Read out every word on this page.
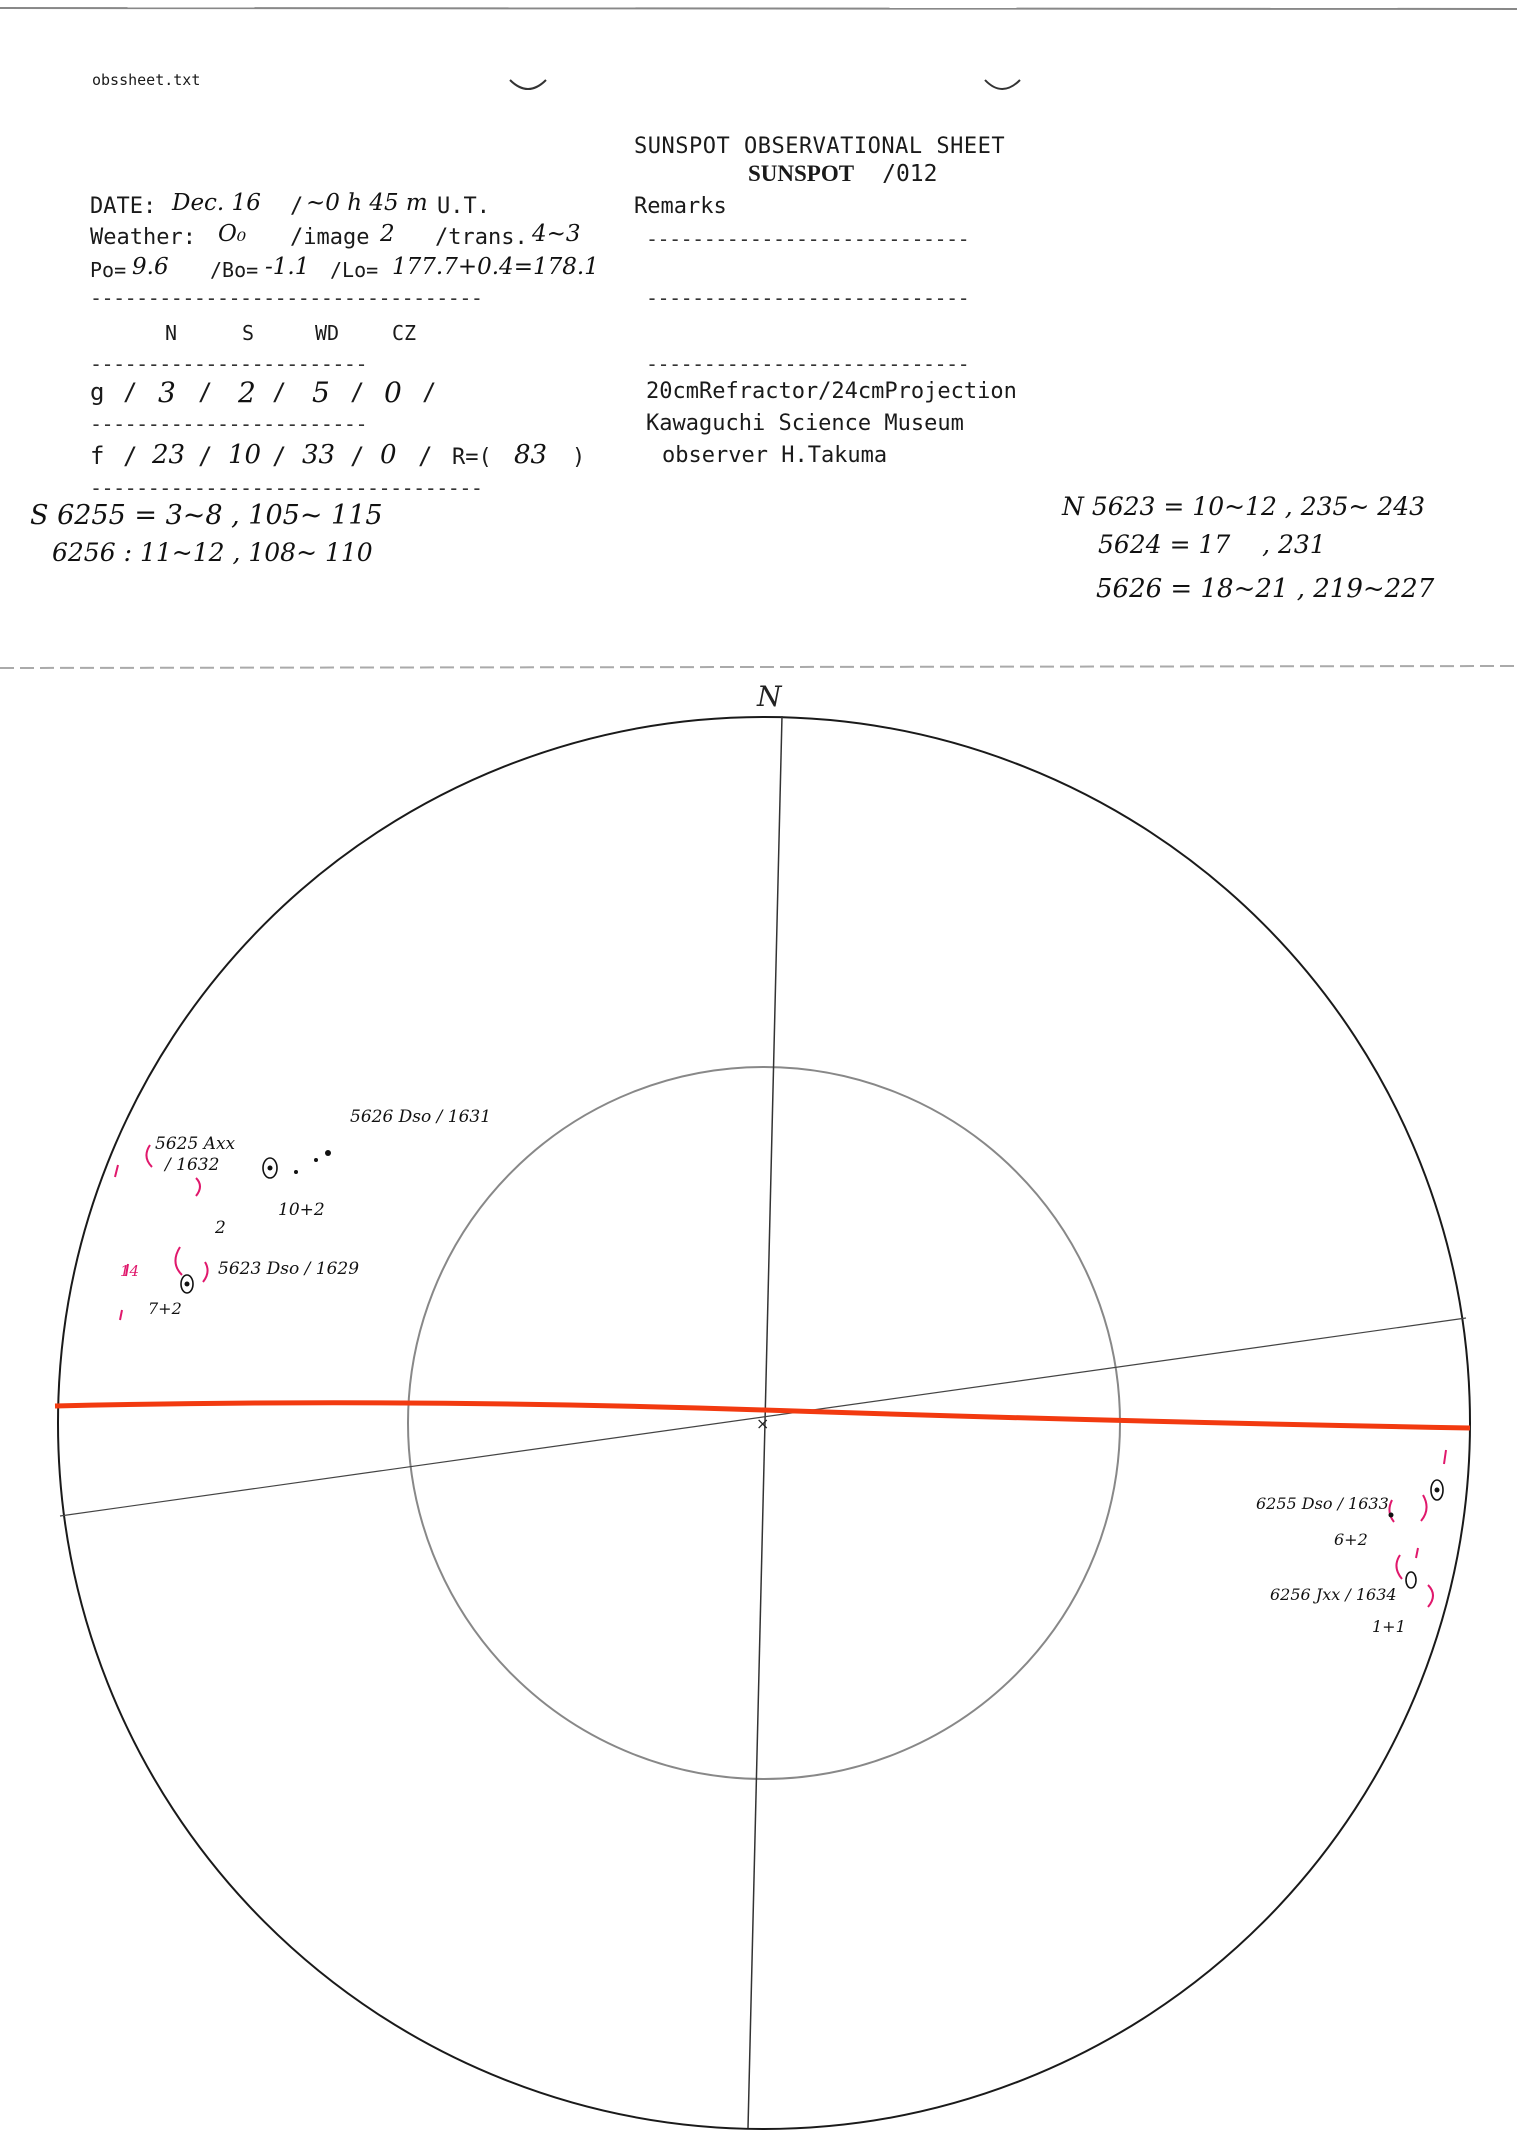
obssheet.txt
SUNSPOT OBSERVATIONAL SHEET
SUNSPOT /012
DATE: Dec. 16 / ~0 h 45 m U.T.	Remarks
Weather: O₀ /image 2 /trans. 4~3	----------------------------
Po= 9.6 /Bo= -1.1 /Lo= 177.7+0.4=178.1
----------------------------------	----------------------------
N	S	WD	CZ
------------------------	----------------------------
g / 3 / 2 / 5 / 0 /	20cmRefractor/24cmProjection
------------------------	Kawaguchi Science Museum
f / 23 / 10 / 33 / 0 / R=( 83 )	observer H.Takuma
----------------------------------
S 6255 = 3~8 , 105~ 115
6256 : 11~12 , 108~ 110
N 5623 = 10~12 , 235~ 243
5624 = 17    , 231
5626 = 18~21 , 219~227
N
×
5626 Dso / 1631
5625 Axx
/ 1632
10+2
2
5623 Dso / 1629
14
7+2
6255 Dso / 1633
6+2
6256 Jxx / 1634
1+1
